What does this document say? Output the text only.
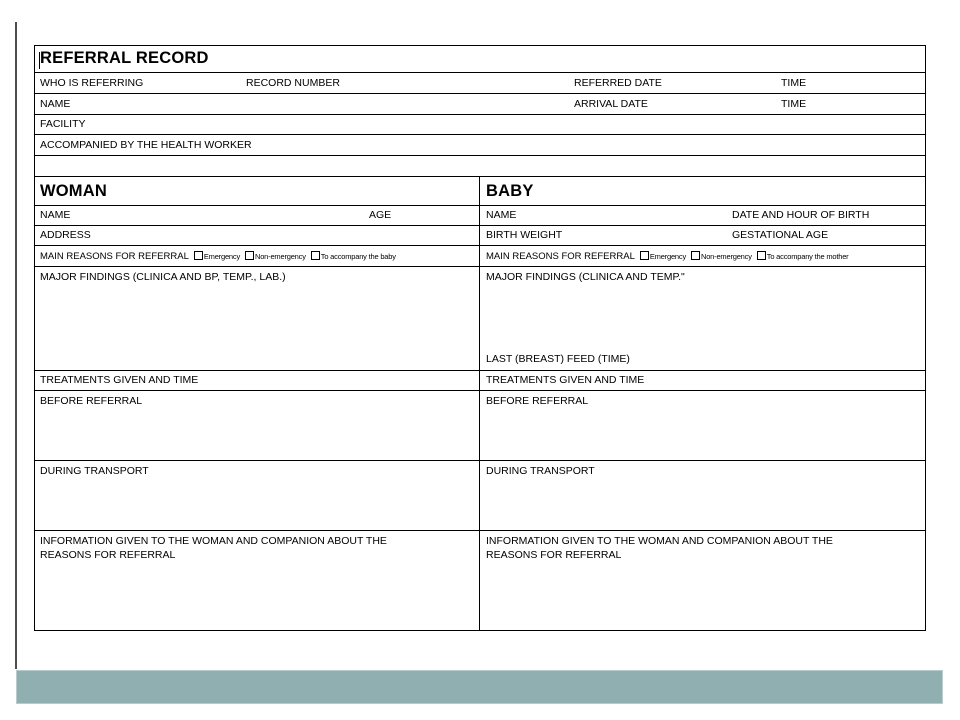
REFERRAL RECORD
WHO IS REFERRING	RECORD NUMBER	REFERRED DATE	TIME
NAME	ARRIVAL DATE	TIME
FACILITY
ACCOMPANIED BY THE HEALTH WORKER
WOMAN
NAME	AGE
ADDRESS
MAIN REASONS FOR REFERRAL Emergency Non-emergency To accompany the baby
MAJOR FINDINGS (CLINICA AND BP, TEMP., LAB.)
TREATMENTS GIVEN AND TIME
BEFORE REFERRAL
DURING TRANSPORT
INFORMATION GIVEN TO THE WOMAN AND COMPANION ABOUT THE
REASONS FOR REFERRAL
BABY
NAME	DATE AND HOUR OF BIRTH
BIRTH WEIGHT	GESTATIONAL AGE
MAIN REASONS FOR REFERRAL Emergency Non-emergency To accompany the mother
MAJOR FINDINGS (CLINICA AND TEMP."
LAST (BREAST) FEED (TIME)
TREATMENTS GIVEN AND TIME
BEFORE REFERRAL
DURING TRANSPORT
INFORMATION GIVEN TO THE WOMAN AND COMPANION ABOUT THE
REASONS FOR REFERRAL
